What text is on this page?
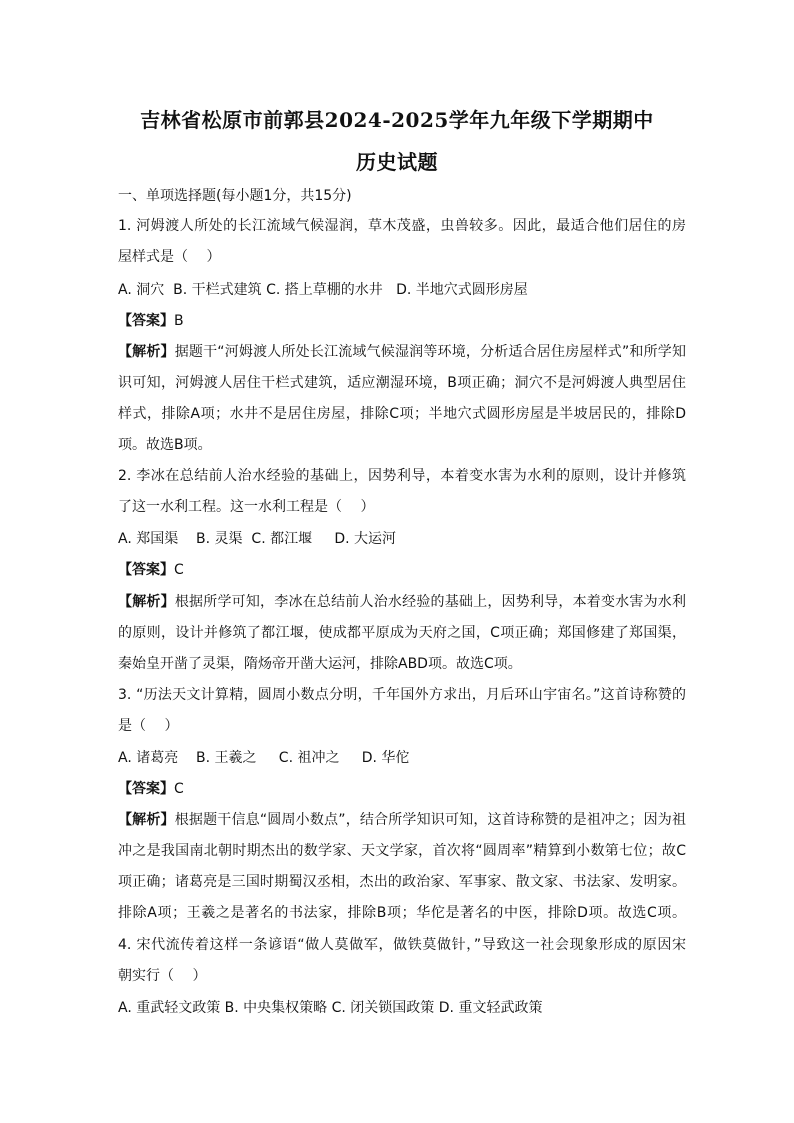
吉林省松原市前郭县2024-2025学年九年级下学期期中
历史试题
一、单项选择题(每小题1分，共15分)
1. 河姆渡人所处的长江流域气候湿润，草木茂盛，虫兽较多。因此，最适合他们居住的房
屋样式是（　 ）
A. 洞穴  B. 干栏式建筑 C. 搭上草棚的水井   D. 半地穴式圆形房屋
【答案】B
【解析】据题干“河姆渡人所处长江流域气候湿润等环境，分析适合居住房屋样式”和所学知
识可知，河姆渡人居住干栏式建筑，适应潮湿环境，B项正确；洞穴不是河姆渡人典型居住
样式，排除A项；水井不是居住房屋，排除C项；半地穴式圆形房屋是半坡居民的，排除D
项。故选B项。
2. 李冰在总结前人治水经验的基础上，因势利导，本着变水害为水利的原则，设计并修筑
了这一水利工程。这一水利工程是（　 ）
A. 郑国渠    B. 灵渠  C. 都江堰     D. 大运河
【答案】C
【解析】根据所学可知，李冰在总结前人治水经验的基础上，因势利导，本着变水害为水利
的原则，设计并修筑了都江堰，使成都平原成为天府之国，C项正确；郑国修建了郑国渠，
秦始皇开凿了灵渠，隋炀帝开凿大运河，排除ABD项。故选C项。
3. “历法天文计算精，圆周小数点分明，千年国外方求出，月后环山宇宙名。”这首诗称赞的
是（　 ）
A. 诸葛亮    B. 王羲之     C. 祖冲之     D. 华佗
【答案】C
【解析】根据题干信息“圆周小数点”，结合所学知识可知，这首诗称赞的是祖冲之；因为祖
冲之是我国南北朝时期杰出的数学家、天文学家，首次将“圆周率”精算到小数第七位；故C
项正确；诸葛亮是三国时期蜀汉丞相，杰出的政治家、军事家、散文家、书法家、发明家。
排除A项；王羲之是著名的书法家，排除B项；华佗是著名的中医，排除D项。故选C项。
4. 宋代流传着这样一条谚语“做人莫做军，做铁莫做针，”导致这一社会现象形成的原因宋
朝实行（　 ）
A. 重武轻文政策 B. 中央集权策略 C. 闭关锁国政策 D. 重文轻武政策
